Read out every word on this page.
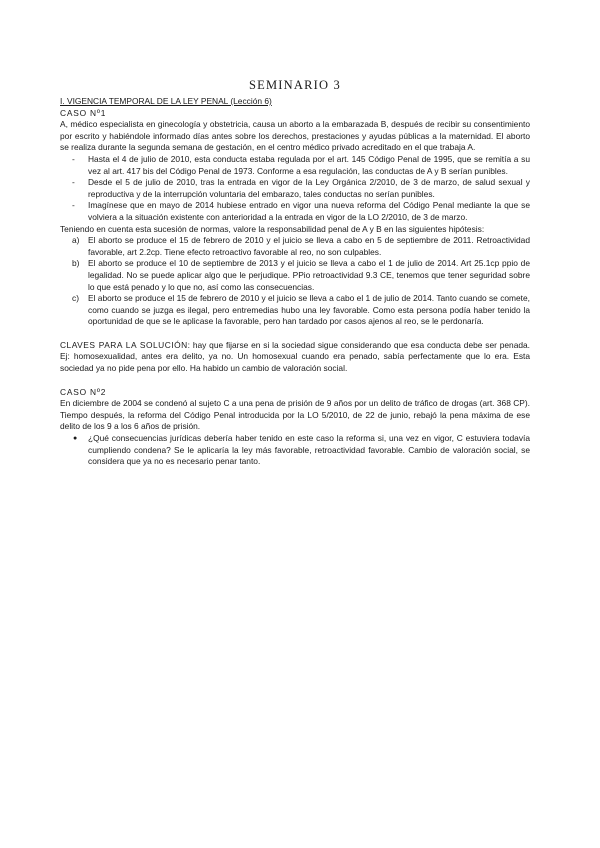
SEMINARIO 3

I. VIGENCIA TEMPORAL DE LA LEY PENAL (Lección 6)

CASO Nº1

A, médico especialista en ginecología y obstetricia, causa un aborto a la embarazada B, después de recibir su consentimiento por escrito y habiéndole informado días antes sobre los derechos, prestaciones y ayudas públicas a la maternidad. El aborto se realiza durante la segunda semana de gestación, en el centro médico privado acreditado en el que trabaja A.

- Hasta el 4 de julio de 2010, esta conducta estaba regulada por el art. 145 Código Penal de 1995, que se remitía a su vez al art. 417 bis del Código Penal de 1973. Conforme a esa regulación, las conductas de A y B serían punibles.
- Desde el 5 de julio de 2010, tras la entrada en vigor de la Ley Orgánica 2/2010, de 3 de marzo, de salud sexual y reproductiva y de la interrupción voluntaria del embarazo, tales conductas no serían punibles.
- Imagínese que en mayo de 2014 hubiese entrado en vigor una nueva reforma del Código Penal mediante la que se volviera a la situación existente con anterioridad a la entrada en vigor de la LO 2/2010, de 3 de marzo.

Teniendo en cuenta esta sucesión de normas, valore la responsabilidad penal de A y B en las siguientes hipótesis:

a) El aborto se produce el 15 de febrero de 2010 y el juicio se lleva a cabo en 5 de septiembre de 2011. Retroactividad favorable, art 2.2cp. Tiene efecto retroactivo favorable al reo, no son culpables.
b) El aborto se produce el 10 de septiembre de 2013 y el juicio se lleva a cabo el 1 de julio de 2014. Art 25.1cp ppio de legalidad. No se puede aplicar algo que le perjudique. PPio retroactividad 9.3 CE, tenemos que tener seguridad sobre lo que está penado y lo que no, así como las consecuencias.
c) El aborto se produce el 15 de febrero de 2010 y el juicio se lleva a cabo el 1 de julio de 2014. Tanto cuando se comete, como cuando se juzga es ilegal, pero entremedias hubo una ley favorable. Como esta persona podía haber tenido la oportunidad de que se le aplicase la favorable, pero han tardado por casos ajenos al reo, se le perdonaría.

CLAVES PARA LA SOLUCIÓN: hay que fijarse en si la sociedad sigue considerando que esa conducta debe ser penada. Ej: homosexualidad, antes era delito, ya no. Un homosexual cuando era penado, sabía perfectamente que lo era. Esta sociedad ya no pide pena por ello. Ha habido un cambio de valoración social.

CASO Nº2

En diciembre de 2004 se condenó al sujeto C a una pena de prisión de 9 años por un delito de tráfico de drogas (art. 368 CP). Tiempo después, la reforma del Código Penal introducida por la LO 5/2010, de 22 de junio, rebajó la pena máxima de ese delito de los 9 a los 6 años de prisión.

● ¿Qué consecuencias jurídicas debería haber tenido en este caso la reforma si, una vez en vigor, C estuviera todavía cumpliendo condena? Se le aplicaría la ley más favorable, retroactividad favorable. Cambio de valoración social, se considera que ya no es necesario penar tanto.
